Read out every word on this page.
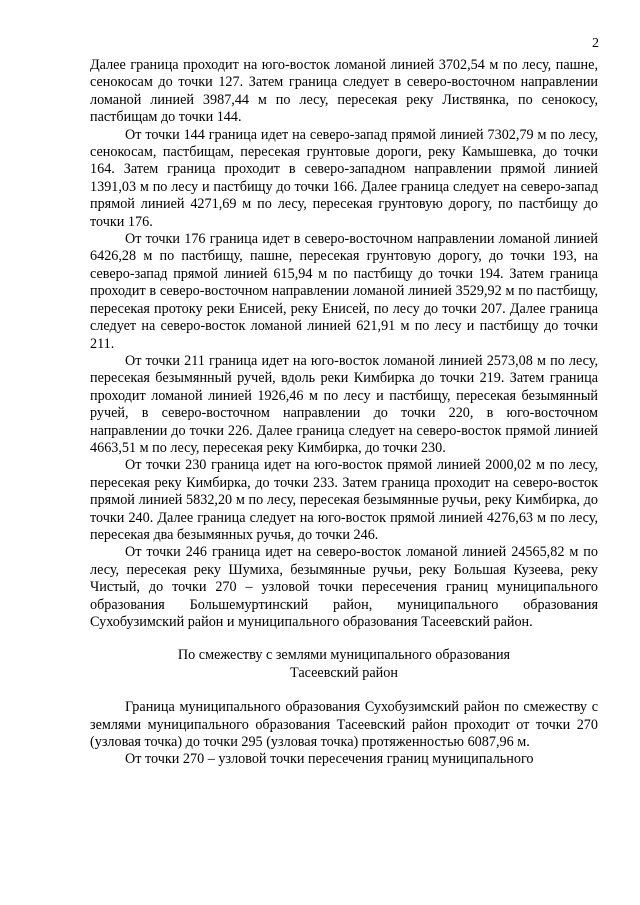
2

Далее граница проходит на юго-восток ломаной линией 3702,54 м по лесу, пашне, сенокосам до точки 127. Затем граница следует в северо-восточном направлении ломаной линией 3987,44 м по лесу, пересекая реку Листвянка, по сенокосу, пастбищам до точки 144.

От точки 144 граница идет на северо-запад прямой линией 7302,79 м по лесу, сенокосам, пастбищам, пересекая грунтовые дороги, реку Камышевка, до точки 164. Затем граница проходит в северо-западном направлении прямой линией 1391,03 м по лесу и пастбищу до точки 166. Далее граница следует на северо-запад прямой линией 4271,69 м по лесу, пересекая грунтовую дорогу, по пастбищу до точки 176.

От точки 176 граница идет в северо-восточном направлении ломаной линией 6426,28 м по пастбищу, пашне, пересекая грунтовую дорогу, до точки 193, на северо-запад прямой линией 615,94 м по пастбищу до точки 194. Затем граница проходит в северо-восточном направлении ломаной линией 3529,92 м по пастбищу, пересекая протоку реки Енисей, реку Енисей, по лесу до точки 207. Далее граница следует на северо-восток ломаной линией 621,91 м по лесу и пастбищу до точки 211.

От точки 211 граница идет на юго-восток ломаной линией 2573,08 м по лесу, пересекая безымянный ручей, вдоль реки Кимбирка до точки 219. Затем граница проходит ломаной линией 1926,46 м по лесу и пастбищу, пересекая безымянный ручей, в северо-восточном направлении до точки 220, в юго-восточном направлении до точки 226. Далее граница следует на северо-восток прямой линией 4663,51 м по лесу, пересекая реку Кимбирка, до точки 230.

От точки 230 граница идет на юго-восток прямой линией 2000,02 м по лесу, пересекая реку Кимбирка, до точки 233. Затем граница проходит на северо-восток прямой линией 5832,20 м по лесу, пересекая безымянные ручьи, реку Кимбирка, до точки 240. Далее граница следует на юго-восток прямой линией 4276,63 м по лесу, пересекая два безымянных ручья, до точки 246.

От точки 246 граница идет на северо-восток ломаной линией 24565,82 м по лесу, пересекая реку Шумиха, безымянные ручьи, реку Большая Кузеева, реку Чистый, до точки 270 – узловой точки пересечения границ муниципального образования Большемуртинский район, муниципального образования Сухобузимский район и муниципального образования Тасеевский район.

По смежеству с землями муниципального образования
Тасеевский район

Граница муниципального образования Сухобузимский район по смежеству с землями муниципального образования Тасеевский район проходит от точки 270 (узловая точка) до точки 295 (узловая точка) протяженностью 6087,96 м.

От точки 270 – узловой точки пересечения границ муниципального
